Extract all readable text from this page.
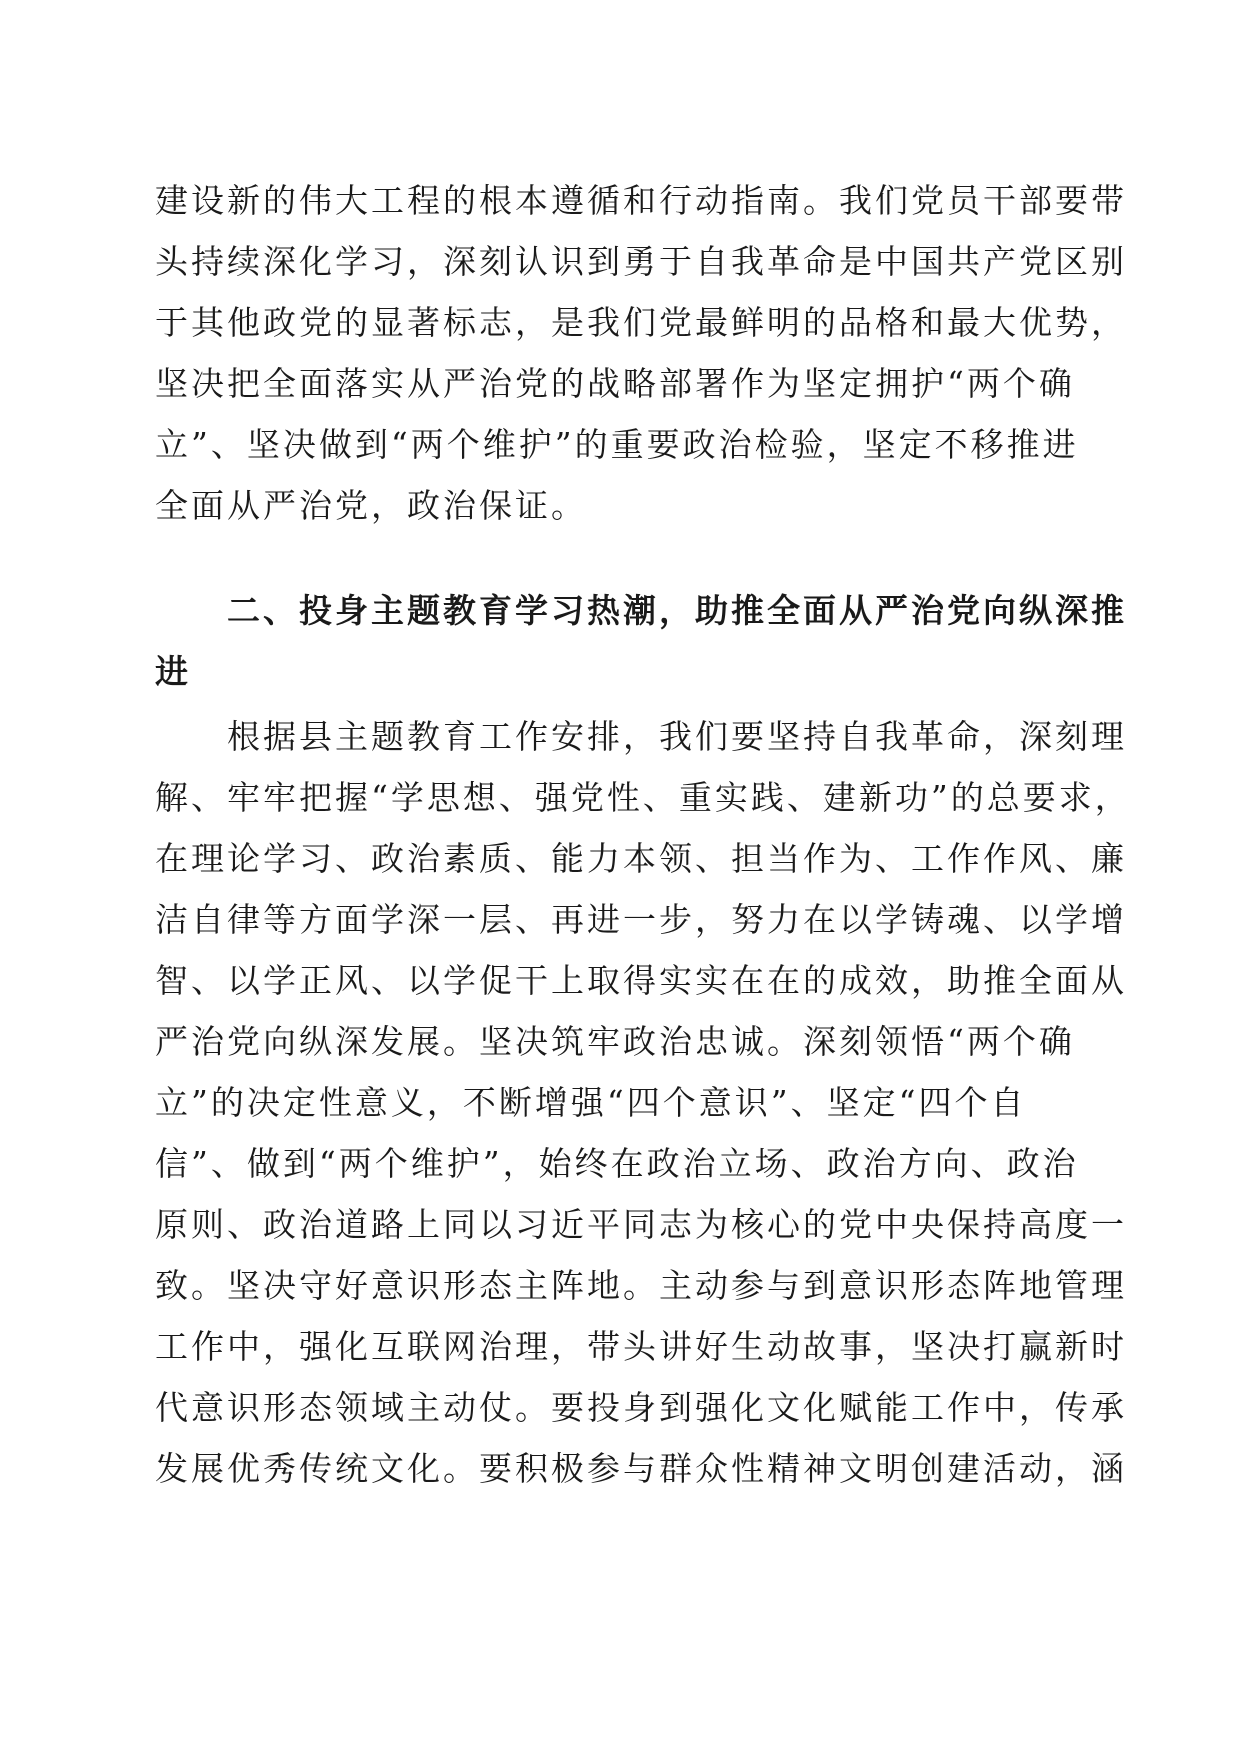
建设新的伟大工程的根本遵循和行动指南。我们党员干部要带
头持续深化学习，深刻认识到勇于自我革命是中国共产党区别
于其他政党的显著标志，是我们党最鲜明的品格和最大优势，
坚决把全面落实从严治党的战略部署作为坚定拥护“两个确
立”、坚决做到“两个维护”的重要政治检验，坚定不移推进
全面从严治党，政治保证。
　　二、投身主题教育学习热潮，助推全面从严治党向纵深推
进
　　根据县主题教育工作安排，我们要坚持自我革命，深刻理
解、牢牢把握“学思想、强党性、重实践、建新功”的总要求，
在理论学习、政治素质、能力本领、担当作为、工作作风、廉
洁自律等方面学深一层、再进一步，努力在以学铸魂、以学增
智、以学正风、以学促干上取得实实在在的成效，助推全面从
严治党向纵深发展。坚决筑牢政治忠诚。深刻领悟“两个确
立”的决定性意义，不断增强“四个意识”、坚定“四个自
信”、做到“两个维护”，始终在政治立场、政治方向、政治
原则、政治道路上同以习近平同志为核心的党中央保持高度一
致。坚决守好意识形态主阵地。主动参与到意识形态阵地管理
工作中，强化互联网治理，带头讲好生动故事，坚决打赢新时
代意识形态领域主动仗。要投身到强化文化赋能工作中，传承
发展优秀传统文化。要积极参与群众性精神文明创建活动，涵
